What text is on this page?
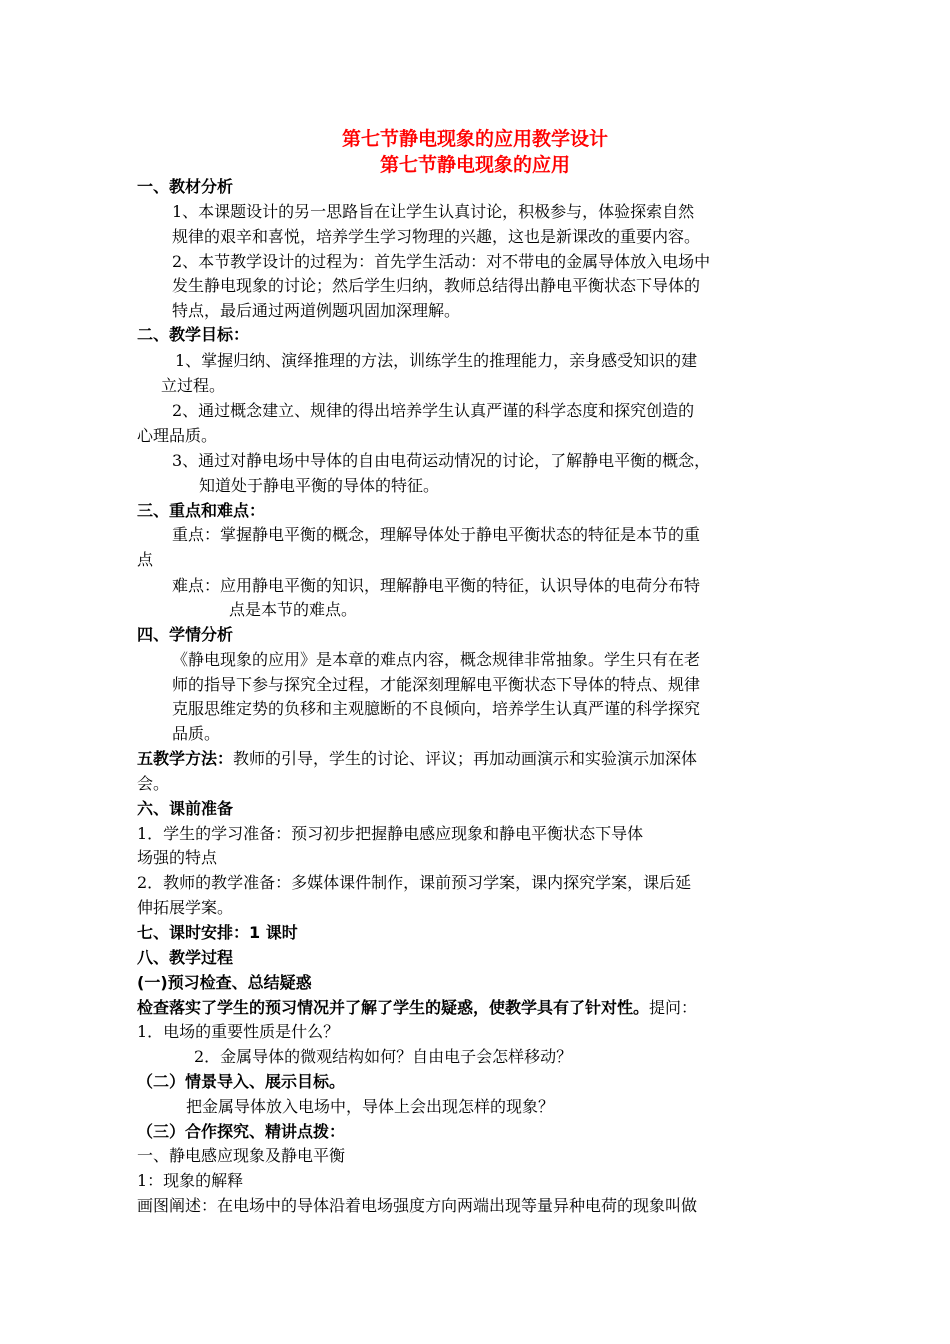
第七节静电现象的应用教学设计
第七节静电现象的应用
一、教材分析
1、本课题设计的另一思路旨在让学生认真讨论，积极参与，体验探索自然
规律的艰辛和喜悦，培养学生学习物理的兴趣，这也是新课改的重要内容。
2、本节教学设计的过程为：首先学生活动：对不带电的金属导体放入电场中
发生静电现象的讨论；然后学生归纳，教师总结得出静电平衡状态下导体的
特点，最后通过两道例题巩固加深理解。
二、教学目标：
1、掌握归纳、演绎推理的方法，训练学生的推理能力，亲身感受知识的建
立过程。
2、通过概念建立、规律的得出培养学生认真严谨的科学态度和探究创造的
心理品质。
3、通过对静电场中导体的自由电荷运动情况的讨论，了解静电平衡的概念，
知道处于静电平衡的导体的特征。
三、重点和难点：
重点：掌握静电平衡的概念，理解导体处于静电平衡状态的特征是本节的重
点
难点：应用静电平衡的知识，理解静电平衡的特征，认识导体的电荷分布特
点是本节的难点。
四、学情分析
《静电现象的应用》是本章的难点内容，概念规律非常抽象。学生只有在老
师的指导下参与探究全过程，才能深刻理解电平衡状态下导体的特点、规律
克服思维定势的负移和主观臆断的不良倾向，培养学生认真严谨的科学探究
品质。
五教学方法：教师的引导，学生的讨论、评议；再加动画演示和实验演示加深体
会。
六、课前准备
1．学生的学习准备：预习初步把握静电感应现象和静电平衡状态下导体
场强的特点
2．教师的教学准备：多媒体课件制作，课前预习学案，课内探究学案，课后延
伸拓展学案。
七、课时安排：1 课时
八、教学过程
(一)预习检查、总结疑惑
检查落实了学生的预习情况并了解了学生的疑惑，使教学具有了针对性。提问：
1．电场的重要性质是什么？
2．金属导体的微观结构如何？自由电子会怎样移动？
（二）情景导入、展示目标。
把金属导体放入电场中，导体上会出现怎样的现象？
（三）合作探究、精讲点拨：
一、静电感应现象及静电平衡
1：现象的解释
画图阐述：在电场中的导体沿着电场强度方向两端出现等量异种电荷的现象叫做
